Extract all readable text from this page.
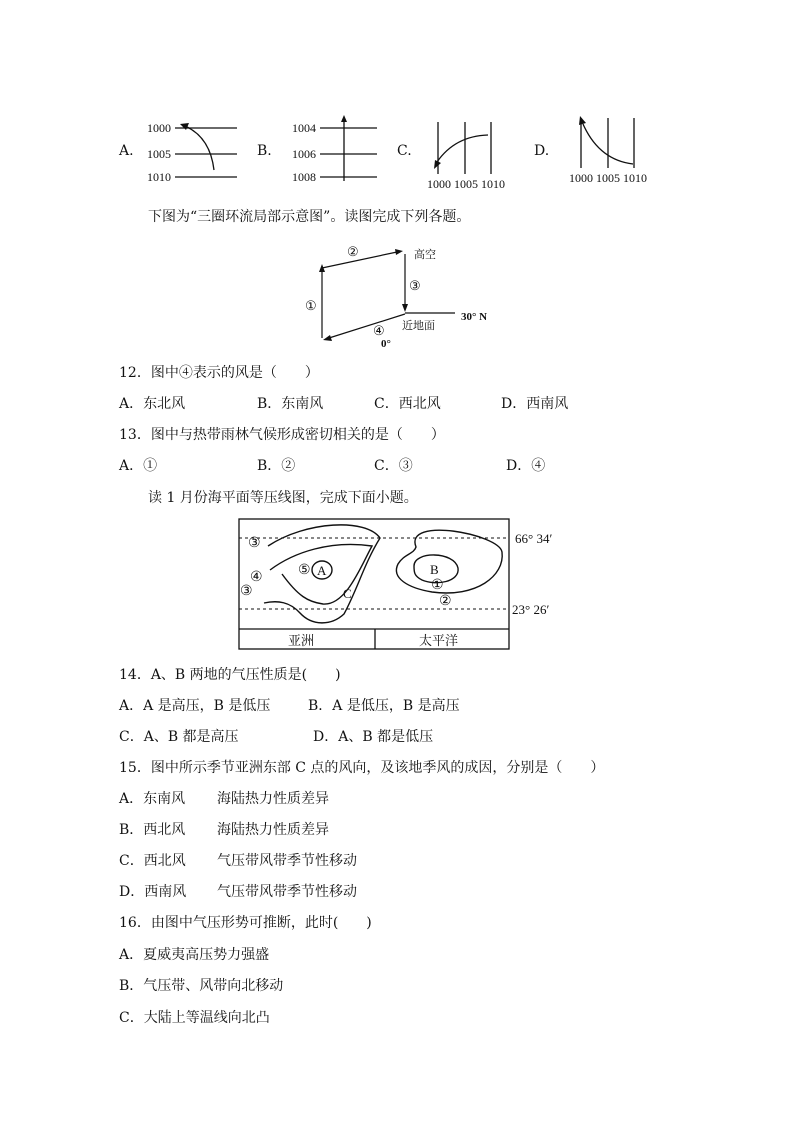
A.
1000
1005
1010
B.
1004
1006
1008
C.
1000 1005 1010
D.
1000 1005 1010
下图为“三圈环流局部示意图”。读图完成下列各题。
①
②
③
④
高空
近地面
30° N
0°
12．图中④表示的风是（　　）
A．东北风	B．东南风	C．西北风	D．西南风
13．图中与热带雨林气候形成密切相关的是（　　）
A．①	B．②	C．③	D．④
读 1 月份海平面等压线图，完成下面小题。
③
④
③
⑤ A
C
B
①
②
66° 34′
23° 26′
亚洲	太平洋
14．A、B 两地的气压性质是(　　)
A．A 是高压，B 是低压	B．A 是低压，B 是高压
C．A、B 都是高压	D．A、B 都是低压
15．图中所示季节亚洲东部 C 点的风向，及该地季风的成因，分别是（　　）
A．东南风 海陆热力性质差异
B．西北风 海陆热力性质差异
C．西北风 气压带风带季节性移动
D．西南风 气压带风带季节性移动
16．由图中气压形势可推断，此时(　　)
A．夏威夷高压势力强盛
B．气压带、风带向北移动
C．大陆上等温线向北凸
